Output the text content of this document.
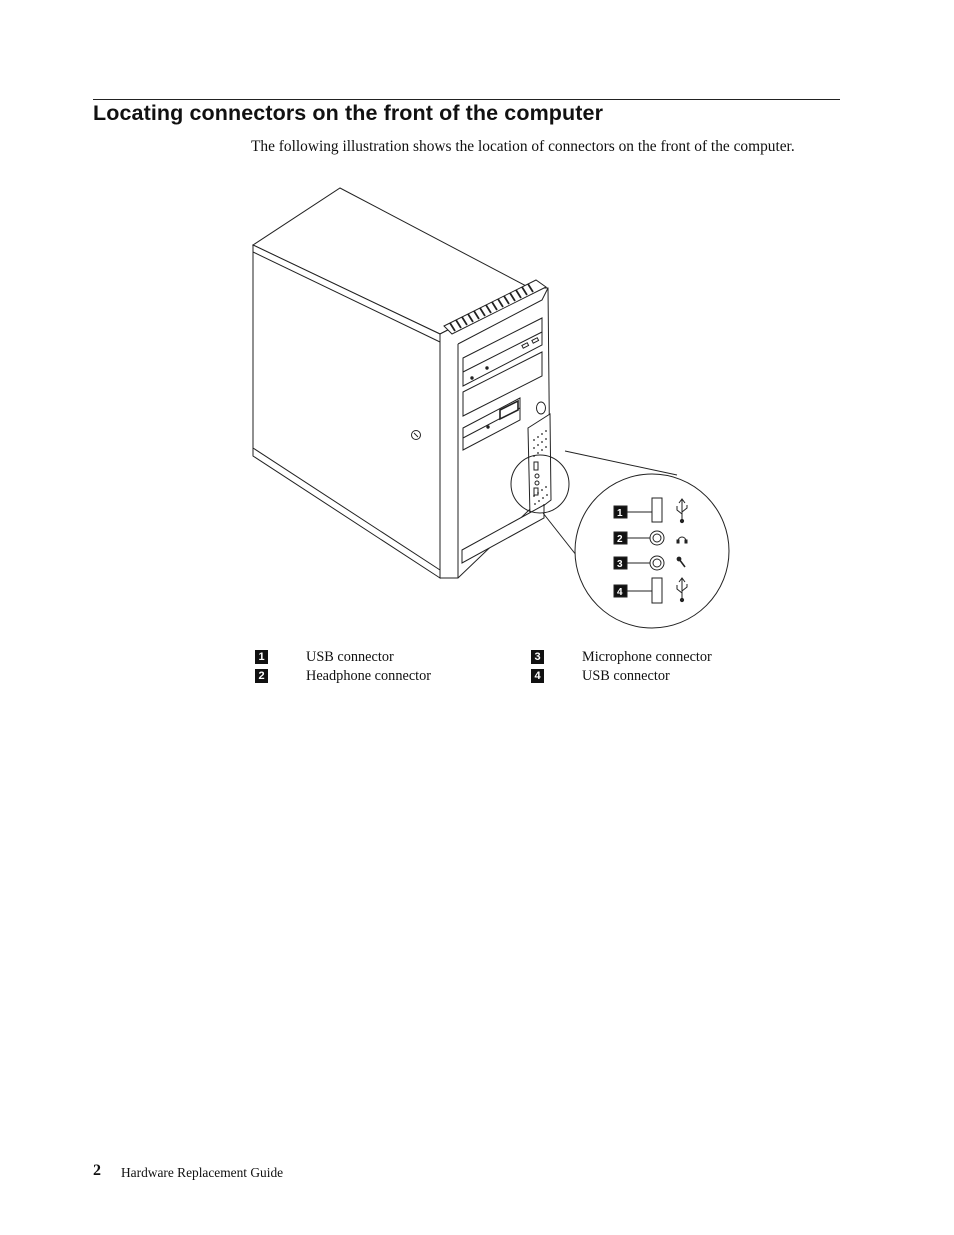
Locating connectors on the front of the computer

The following illustration shows the location of connectors on the front of the computer.

1
2
3
4
1	USB connector
2	Headphone connector
3	Microphone connector
4	USB connector
2 Hardware Replacement Guide
